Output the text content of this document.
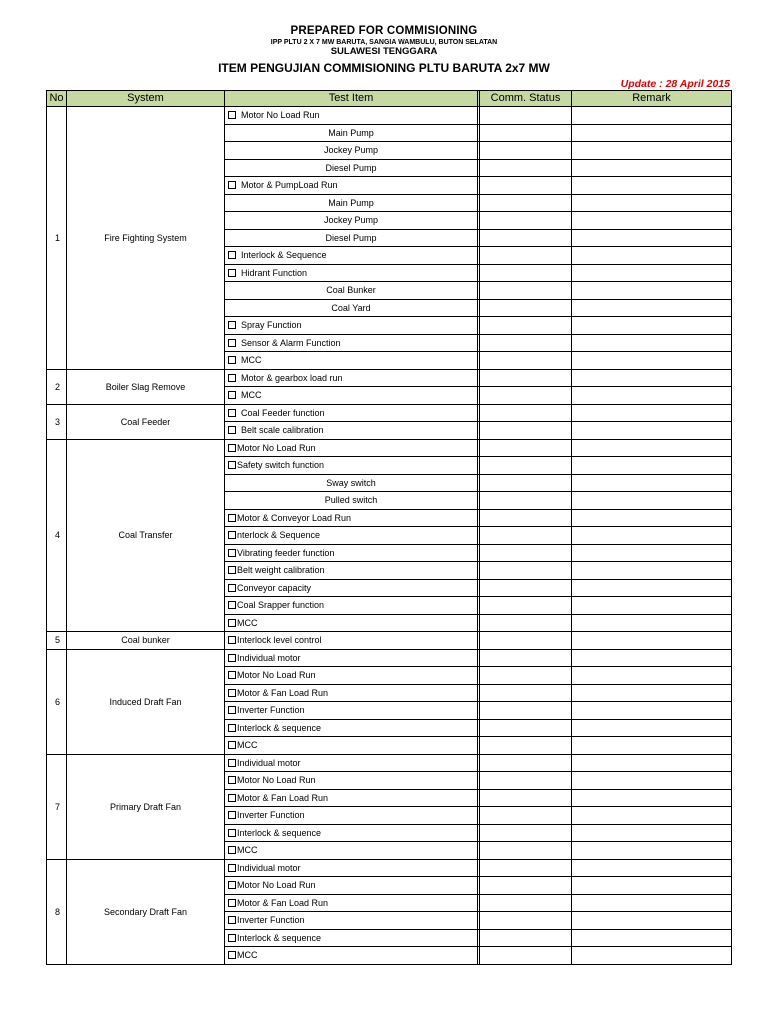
PREPARED FOR COMMISIONING
IPP PLTU 2 X 7 MW BARUTA, SANGIA WAMBULU, BUTON SELATAN
SULAWESI TENGGARA
ITEM PENGUJIAN COMMISIONING PLTU BARUTA 2x7 MW
Update : 28 April 2015
No	System	Test Item		Comm. Status	Remark
1	Fire Fighting System	Motor No Load Run			
		Main Pump			
		Jockey Pump			
		Diesel Pump			
		Motor & PumpLoad Run			
		Main Pump			
		Jockey Pump			
		Diesel Pump			
		Interlock & Sequence			
		Hidrant Function			
		Coal Bunker			
		Coal Yard			
		Spray Function			
		Sensor & Alarm Function			
		MCC			
2	Boiler Slag Remove	Motor & gearbox load run			
		MCC			
3	Coal Feeder	Coal Feeder function			
		Belt scale calibration			
4	Coal Transfer	Motor No Load Run			
		Safety switch function			
		Sway switch			
		Pulled switch			
		Motor & Conveyor Load Run			
		nterlock & Sequence			
		Vibrating feeder function			
		Belt weight calibration			
		Conveyor capacity			
		Coal Srapper function			
		MCC			
5	Coal bunker	Interlock level control			
6	Induced Draft Fan	Individual motor			
		Motor No Load Run			
		Motor & Fan Load Run			
		Inverter Function			
		Interlock & sequence			
		MCC			
7	Primary Draft Fan	Individual motor			
		Motor No Load Run			
		Motor & Fan Load Run			
		Inverter Function			
		Interlock & sequence			
		MCC			
8	Secondary Draft Fan	Individual motor			
		Motor No Load Run			
		Motor & Fan Load Run			
		Inverter Function			
		Interlock & sequence			
		MCC			
